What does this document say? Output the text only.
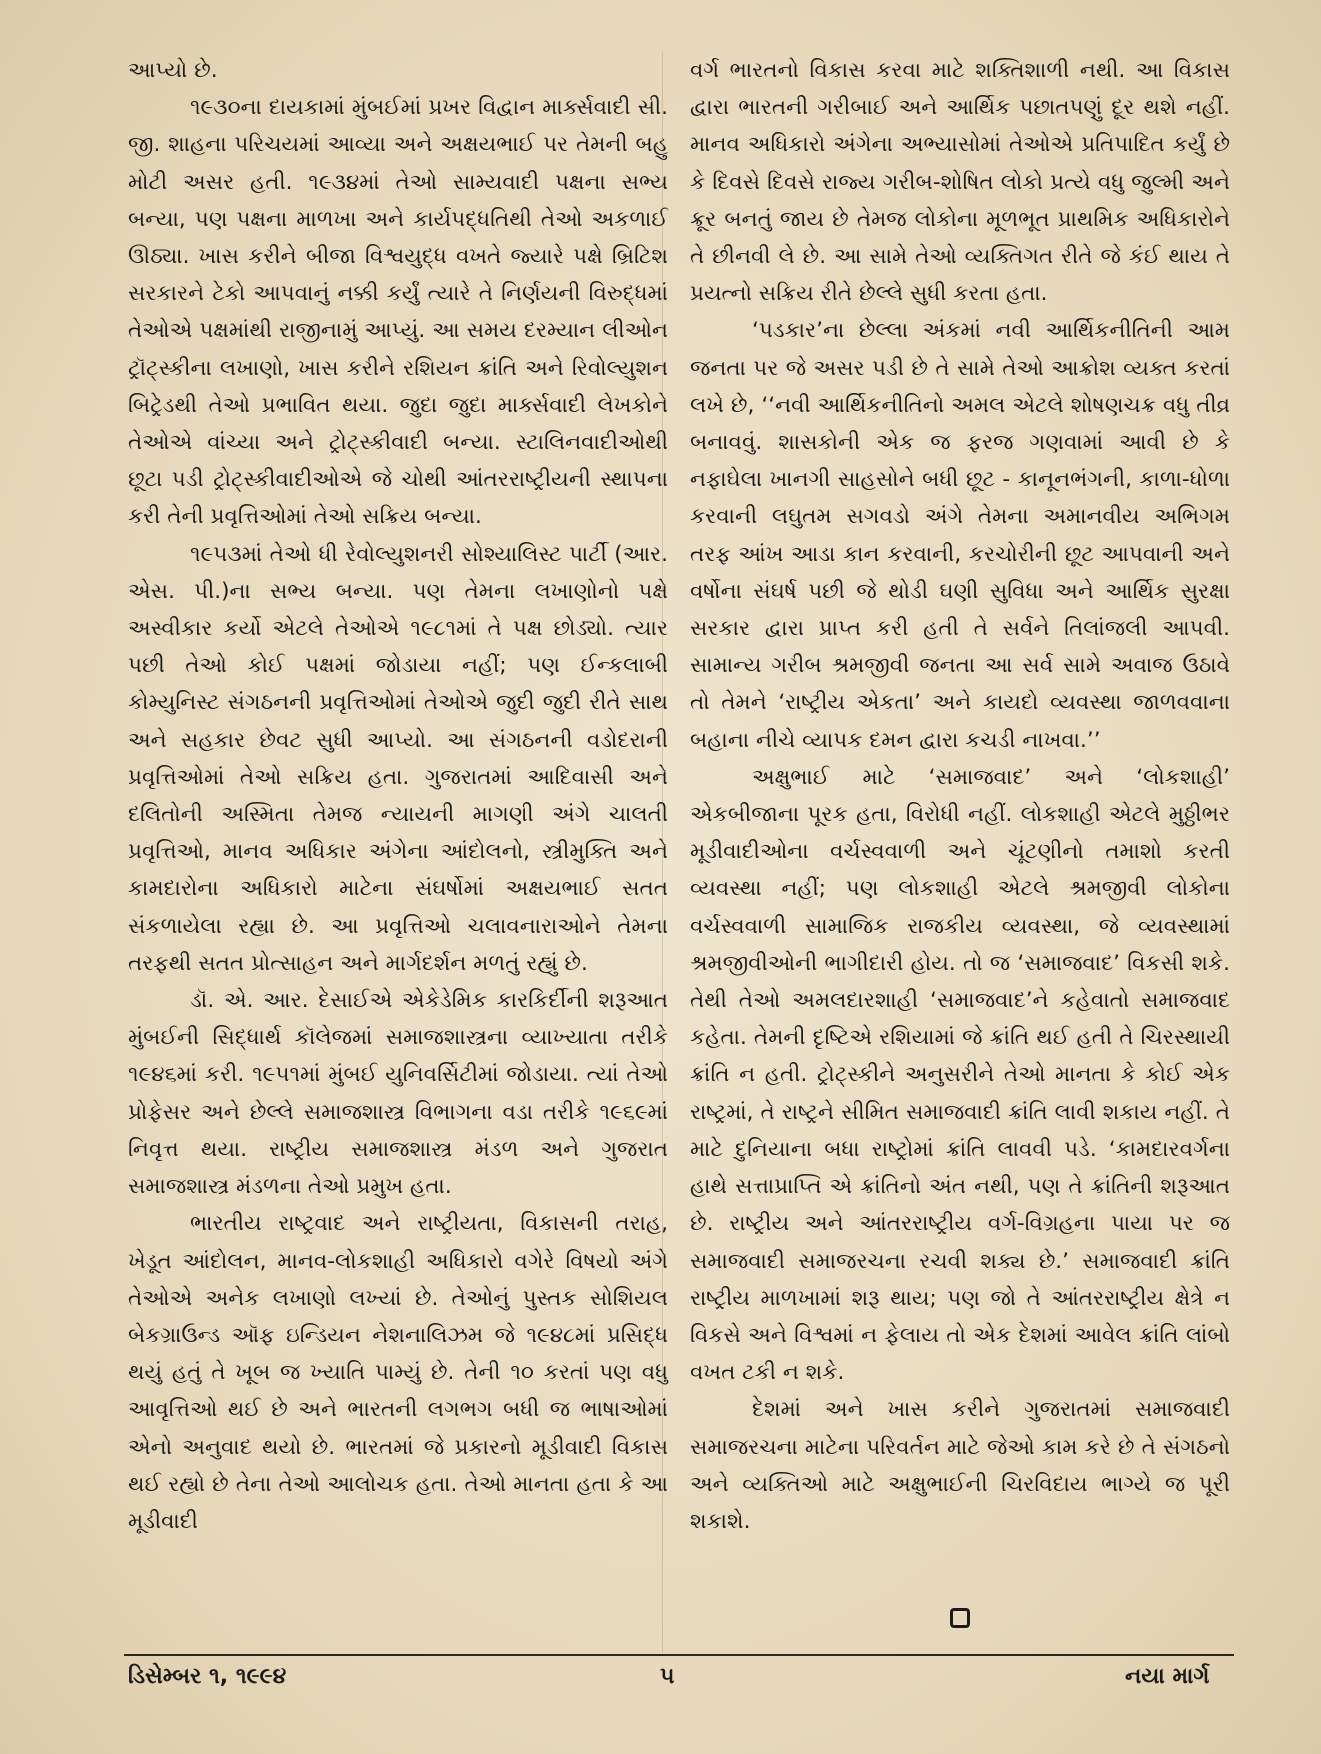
આપ્યો છે.

૧૯૩૦ના દાયકામાં મુંબઈમાં પ્રખર વિદ્વાન માર્ક્સવાદી સી. જી. શાહના પરિચયમાં આવ્યા અને અક્ષયભાઈ પર તેમની બહુ મોટી અસર હતી. ૧૯૩૪માં તેઓ સામ્યવાદી પક્ષના સભ્ય બન્યા, પણ પક્ષના માળખા અને કાર્યપદ્ધતિથી તેઓ અકળાઈ ઊઠ્યા. ખાસ કરીને બીજા વિશ્વયુદ્ધ વખતે જ્યારે પક્ષે બ્રિટિશ સરકારને ટેકો આપવાનું નક્કી કર્યું ત્યારે તે નિર્ણયની વિરુદ્ધમાં તેઓએ પક્ષમાંથી રાજીનામું આપ્યું. આ સમય દરમ્યાન લીઓન ટ્રૉટ્સ્કીના લખાણો, ખાસ કરીને રશિયન ક્રાંતિ અને રિવોલ્યુશન બિટ્રેડથી તેઓ પ્રભાવિત થયા. જુદા જુદા માર્ક્સવાદી લેખકોને તેઓએ વાંચ્યા અને ટ્રોટ્સ્કીવાદી બન્યા. સ્ટાલિનવાદીઓથી છૂટા પડી ટ્રોટ્સ્કીવાદીઓએ જે ચોથી આંતરરાષ્ટ્રીયની સ્થાપના કરી તેની પ્રવૃત્તિઓમાં તેઓ સક્રિય બન્યા.

૧૯૫૩માં તેઓ ધી રેવોલ્યુશનરી સોશ્યાલિસ્ટ પાર્ટી (આર. એસ. પી.)ના સભ્ય બન્યા. પણ તેમના લખાણોનો પક્ષે અસ્વીકાર કર્યો એટલે તેઓએ ૧૯૮૧માં તે પક્ષ છોડ્યો. ત્યાર પછી તેઓ કોઈ પક્ષમાં જોડાયા નહીં; પણ ઈન્કલાબી કોમ્યુનિસ્ટ સંગઠનની પ્રવૃત્તિઓમાં તેઓએ જુદી જુદી રીતે સાથ અને સહકાર છેવટ સુધી આપ્યો. આ સંગઠનની વડોદરાની પ્રવૃત્તિઓમાં તેઓ સક્રિય હતા. ગુજરાતમાં આદિવાસી અને દલિતોની અસ્મિતા તેમજ ન્યાયની માગણી અંગે ચાલતી પ્રવૃત્તિઓ, માનવ અધિકાર અંગેના આંદોલનો, સ્ત્રીમુક્તિ અને કામદારોના અધિકારો માટેના સંઘર્ષોમાં અક્ષયભાઈ સતત સંકળાયેલા રહ્યા છે. આ પ્રવૃત્તિઓ ચલાવનારાઓને તેમના તરફથી સતત પ્રોત્સાહન અને માર્ગદર્શન મળતું રહ્યું છે.

ડૉ. એ. આર. દેસાઈએ એકેડેમિક કારકિર્દીની શરૂઆત મુંબઈની સિદ્ધાર્થ કૉલેજમાં સમાજશાસ્ત્રના વ્યાખ્યાતા તરીકે ૧૯૪૬માં કરી. ૧૯૫૧માં મુંબઈ યુનિવર્સિટીમાં જોડાયા. ત્યાં તેઓ પ્રોફેસર અને છેલ્લે સમાજશાસ્ત્ર વિભાગના વડા તરીકે ૧૯૬૯માં નિવૃત્ત થયા. રાષ્ટ્રીય સમાજશાસ્ત્ર મંડળ અને ગુજરાત સમાજશાસ્ત્ર મંડળના તેઓ પ્રમુખ હતા.

ભારતીય રાષ્ટ્રવાદ અને રાષ્ટ્રીયતા, વિકાસની તરાહ, ખેડૂત આંદોલન, માનવ-લોકશાહી અધિકારો વગેરે વિષયો અંગે તેઓએ અનેક લખાણો લખ્યાં છે. તેઓનું પુસ્તક સોશિયલ બેકગ્રાઉન્ડ ઑફ ઇન્ડિયન નેશનાલિઝમ જે ૧૯૪૮માં પ્રસિદ્ધ થયું હતું તે ખૂબ જ ખ્યાતિ પામ્યું છે. તેની ૧૦ કરતાં પણ વધુ આવૃત્તિઓ થઈ છે અને ભારતની લગભગ બધી જ ભાષાઓમાં એનો અનુવાદ થયો છે. ભારતમાં જે પ્રકારનો મૂડીવાદી વિકાસ થઈ રહ્યો છે તેના તેઓ આલોચક હતા. તેઓ માનતા હતા કે આ મૂડીવાદી

વર્ગ ભારતનો વિકાસ કરવા માટે શક્તિશાળી નથી. આ વિકાસ દ્વારા ભારતની ગરીબાઈ અને આર્થિક પછાતપણું દૂર થશે નહીં. માનવ અધિકારો અંગેના અભ્યાસોમાં તેઓએ પ્રતિપાદિત કર્યું છે કે દિવસે દિવસે રાજ્ય ગરીબ-શોષિત લોકો પ્રત્યે વધુ જુલ્મી અને ક્રૂર બનતું જાય છે તેમજ લોકોના મૂળભૂત પ્રાથમિક અધિકારોને તે છીનવી લે છે. આ સામે તેઓ વ્યક્તિગત રીતે જે કંઈ થાય તે પ્રયત્નો સક્રિય રીતે છેલ્લે સુધી કરતા હતા.

‘પડકાર’ના છેલ્લા અંકમાં નવી આર્થિકનીતિની આમ જનતા પર જે અસર પડી છે તે સામે તેઓ આક્રોશ વ્યક્ત કરતાં લખે છે, ‘‘નવી આર્થિકનીતિનો અમલ એટલે શોષણચક્ર વધુ તીવ્ર બનાવવું. શાસકોની એક જ ફરજ ગણવામાં આવી છે કે નફાઘેલા ખાનગી સાહસોને બધી છૂટ - કાનૂનભંગની, કાળા-ધોળા કરવાની લઘુતમ સગવડો અંગે તેમના અમાનવીય અભિગમ તરફ આંખ આડા કાન કરવાની, કરચોરીની છૂટ આપવાની અને વર્ષોના સંઘર્ષ પછી જે થોડી ઘણી સુવિધા અને આર્થિક સુરક્ષા સરકાર દ્વારા પ્રાપ્ત કરી હતી તે સર્વને તિલાંજલી આપવી. સામાન્ય ગરીબ શ્રમજીવી જનતા આ સર્વ સામે અવાજ ઉઠાવે તો તેમને ‘રાષ્ટ્રીય એકતા’ અને કાયદો વ્યવસ્થા જાળવવાના બહાના નીચે વ્યાપક દમન દ્વારા કચડી નાખવા.’’

અક્ષુભાઈ માટે ‘સમાજવાદ’ અને ‘લોકશાહી’ એકબીજાના પૂરક હતા, વિરોધી નહીં. લોકશાહી એટલે મુઠ્ઠીભર મૂડીવાદીઓના વર્ચસ્વવાળી અને ચૂંટણીનો તમાશો કરતી વ્યવસ્થા નહીં; પણ લોકશાહી એટલે શ્રમજીવી લોકોના વર્ચસ્વવાળી સામાજિક રાજકીય વ્યવસ્થા, જે વ્યવસ્થામાં શ્રમજીવીઓની ભાગીદારી હોય. તો જ ‘સમાજવાદ’ વિકસી શકે. તેથી તેઓ અમલદારશાહી ‘સમાજવાદ’ને કહેવાતો સમાજવાદ કહેતા. તેમની દૃષ્ટિએ રશિયામાં જે ક્રાંતિ થઈ હતી તે ચિરસ્થાયી ક્રાંતિ ન હતી. ટ્રોટ્સ્કીને અનુસરીને તેઓ માનતા કે કોઈ એક રાષ્ટ્રમાં, તે રાષ્ટ્રને સીમિત સમાજવાદી ક્રાંતિ લાવી શકાય નહીં. તે માટે દુનિયાના બધા રાષ્ટ્રોમાં ક્રાંતિ લાવવી પડે. ‘કામદારવર્ગના હાથે સત્તાપ્રાપ્તિ એ ક્રાંતિનો અંત નથી, પણ તે ક્રાંતિની શરૂઆત છે. રાષ્ટ્રીય અને આંતરરાષ્ટ્રીય વર્ગ-વિગ્રહના પાયા પર જ સમાજવાદી સમાજરચના રચવી શક્ય છે.’ સમાજવાદી ક્રાંતિ રાષ્ટ્રીય માળખામાં શરૂ થાય; પણ જો તે આંતરરાષ્ટ્રીય ક્ષેત્રે ન વિકસે અને વિશ્વમાં ન ફેલાય તો એક દેશમાં આવેલ ક્રાંતિ લાંબો વખત ટકી ન શકે.

દેશમાં અને ખાસ કરીને ગુજરાતમાં સમાજવાદી સમાજરચના માટેના પરિવર્તન માટે જેઓ કામ કરે છે તે સંગઠનો અને વ્યક્તિઓ માટે અક્ષુભાઈની ચિરવિદાય ભાગ્યે જ પૂરી શકાશે.

ડિસેમ્બર ૧, ૧૯૯૪	૫	નયા માર્ગ
